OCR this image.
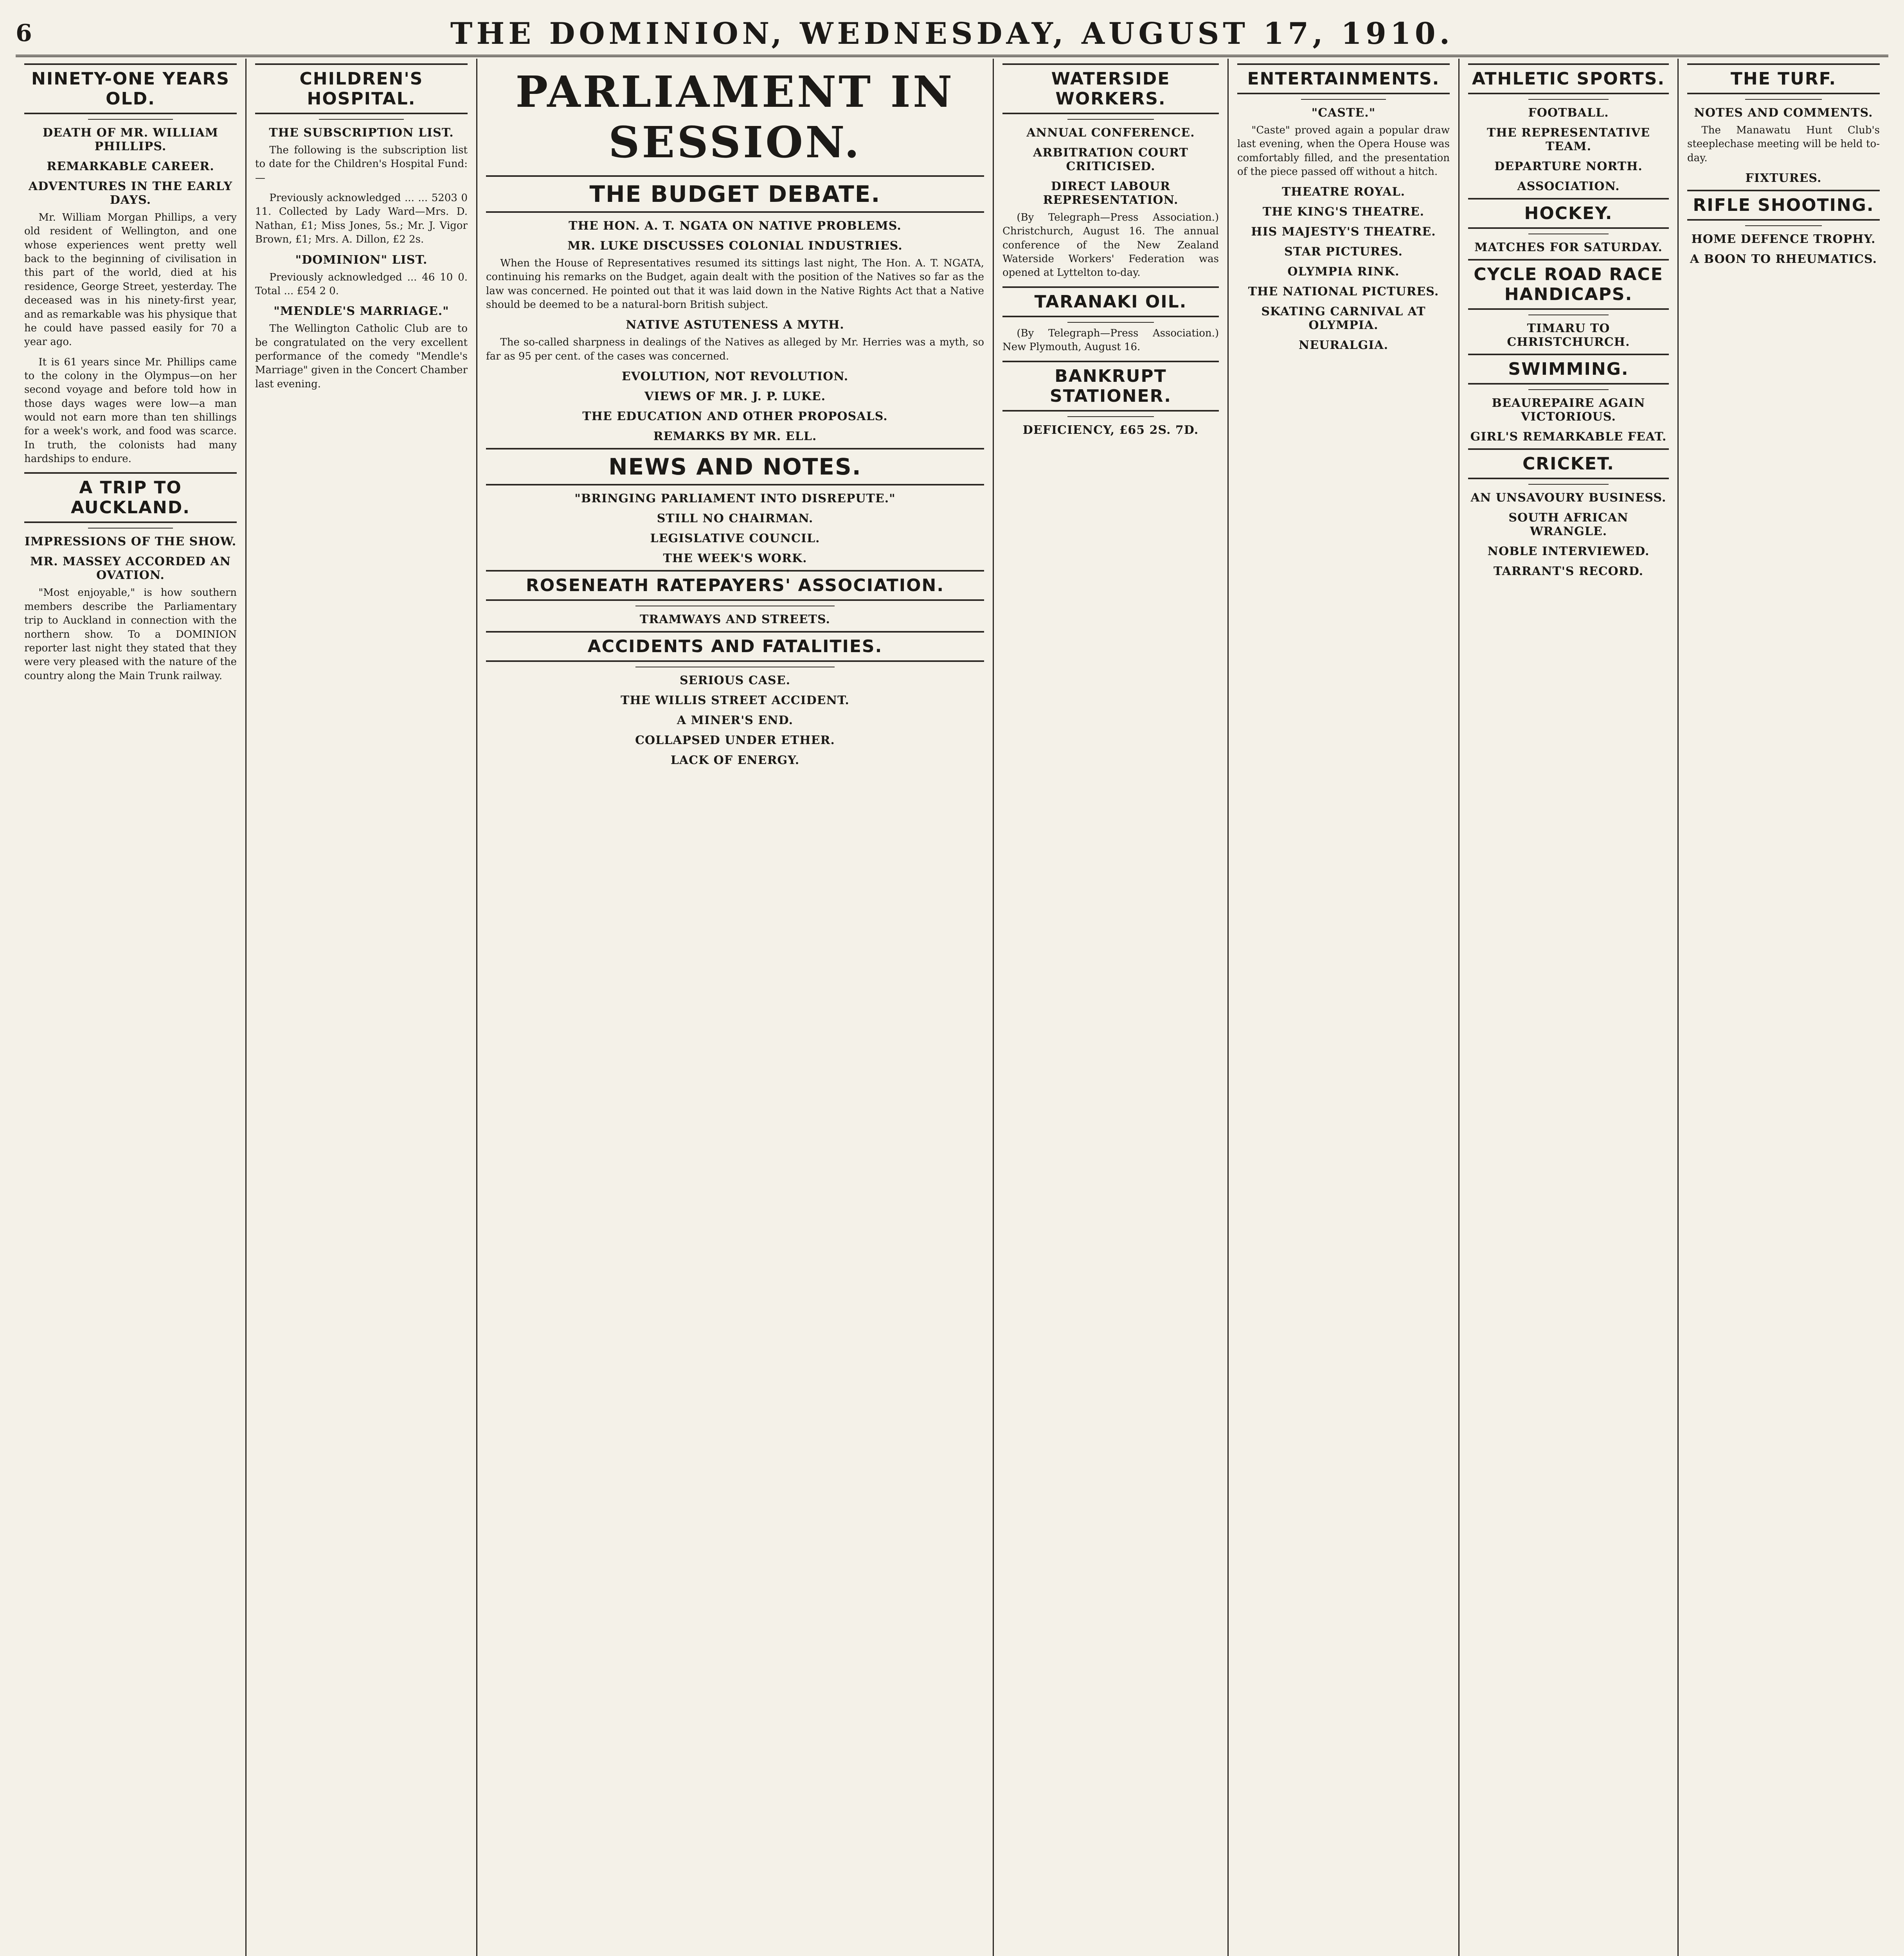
6	THE DOMINION, WEDNESDAY, AUGUST 17, 1910.
NINETY-ONE YEARS OLD.
DEATH OF MR. WILLIAM PHILLIPS.
REMARKABLE CAREER.
ADVENTURES IN THE EARLY DAYS.

Mr. William Morgan Phillips, a very old resident of Wellington, and one whose experiences went pretty well back to the beginning of civilisation in this part of the world, died at his residence, George Street, yesterday. The deceased was in his ninety-first year, and as remarkable was his physique that he could have passed easily for 70 a year ago.

It is 61 years since Mr. Phillips came to the colony in the Olympus—on her second voyage and before told how in those days wages were low—a man would not earn more than ten shillings for a week's work, and food was scarce. In truth, the colonists had many hardships to endure.

A TRIP TO AUCKLAND.
IMPRESSIONS OF THE SHOW.
MR. MASSEY ACCORDED AN OVATION.

"Most enjoyable," is how southern members describe the Parliamentary trip to Auckland in connection with the northern show. To a DOMINION reporter last night they stated that they were very pleased with the nature of the country along the Main Trunk railway.

CHILDREN'S HOSPITAL.
THE SUBSCRIPTION LIST.

The following is the subscription list to date for the Children's Hospital Fund:—

Previously acknowledged ... ... 5203 0 11. Collected by Lady Ward—Mrs. D. Nathan, £1; Miss Jones, 5s.; Mr. J. Vigor Brown, £1; Mrs. A. Dillon, £2 2s.

"DOMINION" LIST.

Previously acknowledged ... 46 10 0. Total ... £54 2 0.

"MENDLE'S MARRIAGE."

The Wellington Catholic Club are to be congratulated on the very excellent performance of the comedy "Mendle's Marriage" given in the Concert Chamber last evening.

PARLIAMENT IN SESSION.
THE BUDGET DEBATE.
THE HON. A. T. NGATA ON NATIVE PROBLEMS.
MR. LUKE DISCUSSES COLONIAL INDUSTRIES.

When the House of Representatives resumed its sittings last night, The Hon. A. T. NGATA, continuing his remarks on the Budget, again dealt with the position of the Natives so far as the law was concerned. He pointed out that it was laid down in the Native Rights Act that a Native should be deemed to be a natural-born British subject.

NATIVE ASTUTENESS A MYTH.

The so-called sharpness in dealings of the Natives as alleged by Mr. Herries was a myth, so far as 95 per cent. of the cases was concerned.

EVOLUTION, NOT REVOLUTION.
VIEWS OF MR. J. P. LUKE.
THE EDUCATION AND OTHER PROPOSALS.
REMARKS BY MR. ELL.
NEWS AND NOTES.
"BRINGING PARLIAMENT INTO DISREPUTE."
STILL NO CHAIRMAN.
LEGISLATIVE COUNCIL.
THE WEEK'S WORK.
ROSENEATH RATEPAYERS' ASSOCIATION.
TRAMWAYS AND STREETS.
ACCIDENTS AND FATALITIES.
SERIOUS CASE.
THE WILLIS STREET ACCIDENT.
A MINER'S END.
COLLAPSED UNDER ETHER.
LACK OF ENERGY.
WATERSIDE WORKERS.
ANNUAL CONFERENCE.
ARBITRATION COURT CRITICISED.
DIRECT LABOUR REPRESENTATION.

(By Telegraph—Press Association.) Christchurch, August 16. The annual conference of the New Zealand Waterside Workers' Federation was opened at Lyttelton to-day.

TARANAKI OIL.

(By Telegraph—Press Association.) New Plymouth, August 16.

BANKRUPT STATIONER.
DEFICIENCY, £65 2S. 7D.
ENTERTAINMENTS.
"CASTE."

"Caste" proved again a popular draw last evening, when the Opera House was comfortably filled, and the presentation of the piece passed off without a hitch.

THEATRE ROYAL.
THE KING'S THEATRE.
HIS MAJESTY'S THEATRE.
STAR PICTURES.
OLYMPIA RINK.
THE NATIONAL PICTURES.
SKATING CARNIVAL AT OLYMPIA.
NEURALGIA.
ATHLETIC SPORTS.
FOOTBALL.
THE REPRESENTATIVE TEAM.
DEPARTURE NORTH.
ASSOCIATION.
HOCKEY.
MATCHES FOR SATURDAY.
CYCLE ROAD RACE HANDICAPS.
TIMARU TO CHRISTCHURCH.
SWIMMING.
BEAUREPAIRE AGAIN VICTORIOUS.
GIRL'S REMARKABLE FEAT.
CRICKET.
AN UNSAVOURY BUSINESS.
SOUTH AFRICAN WRANGLE.
NOBLE INTERVIEWED.
TARRANT'S RECORD.
THE TURF.
NOTES AND COMMENTS.

The Manawatu Hunt Club's steeplechase meeting will be held to-day.

FIXTURES.
RIFLE SHOOTING.
HOME DEFENCE TROPHY.
A BOON TO RHEUMATICS.
